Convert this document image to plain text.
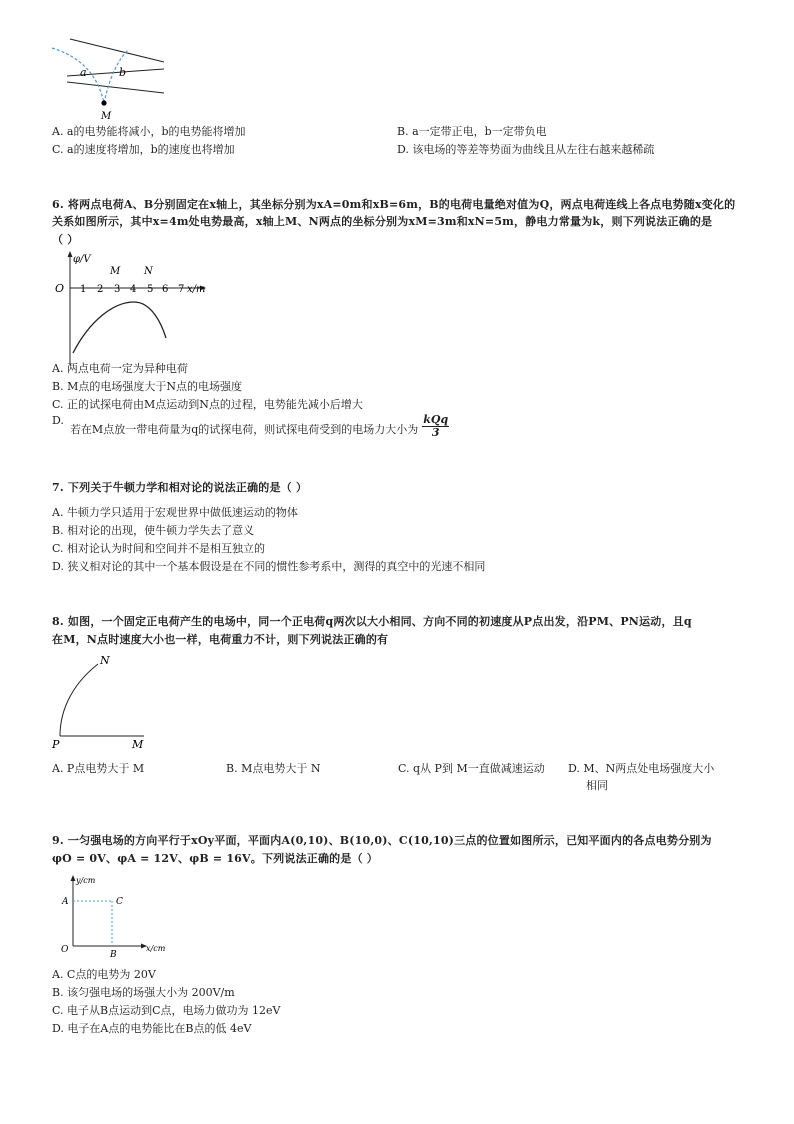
a	b
M
A. a的电势能将减小，b的电势能将增加	B. a一定带正电，b一定带负电
C. a的速度将增加，b的速度也将增加	D. 该电场的等差等势面为曲线且从左往右越来越稀疏
6. 将两点电荷A、B分别固定在x轴上，其坐标分别为xA=0m和xB=6m，B的电荷电量绝对值为Q，两点电荷连线上各点电势随x变化的
关系如图所示，其中x=4m处电势最高，x轴上M、N两点的坐标分别为xM=3m和xN=5m，静电力常量为k，则下列说法正确的是
（ ）
φ/V
O 1 2 3 4 5 6 7 x/m
M N
A. 两点电荷一定为异种电荷
B. M点的电场强度大于N点的电场强度
C. 正的试探电荷由M点运动到N点的过程，电势能先减小后增大
D.若在M点放一带电荷量为q的试探电荷，则试探电荷受到的电场力大小为 $\frac{\text{kQq}}{3}$
7. 下列关于牛顿力学和相对论的说法正确的是（ ）
A. 牛顿力学只适用于宏观世界中做低速运动的物体
B. 相对论的出现，使牛顿力学失去了意义
C. 相对论认为时间和空间并不是相互独立的
D. 狭义相对论的其中一个基本假设是在不同的惯性参考系中，测得的真空中的光速不相同
8. 如图，一个固定正电荷产生的电场中，同一个正电荷q两次以大小相同、方向不同的初速度从P点出发，沿PM、PN运动，且q
在M，N点时速度大小也一样，电荷重力不计，则下列说法正确的有
N
P	M
A. P点电势大于 M	B. M点电势大于 N	C. q从 P到 M一直做减速运动 D. M、N两点处电场强度大小
相同
9. 一匀强电场的方向平行于xOy平面，平面内A(0,10)、B(10,0)、C(10,10)三点的位置如图所示，已知平面内的各点电势分别为
φO = 0V、φA = 12V、φB = 16V。下列说法正确的是（ ）
y/cm
x/cm
O
A	C
B
A. C点的电势为 20V
B. 该匀强电场的场强大小为 200V/m
C. 电子从B点运动到C点，电场力做功为 12eV
D. 电子在A点的电势能比在B点的低 4eV
